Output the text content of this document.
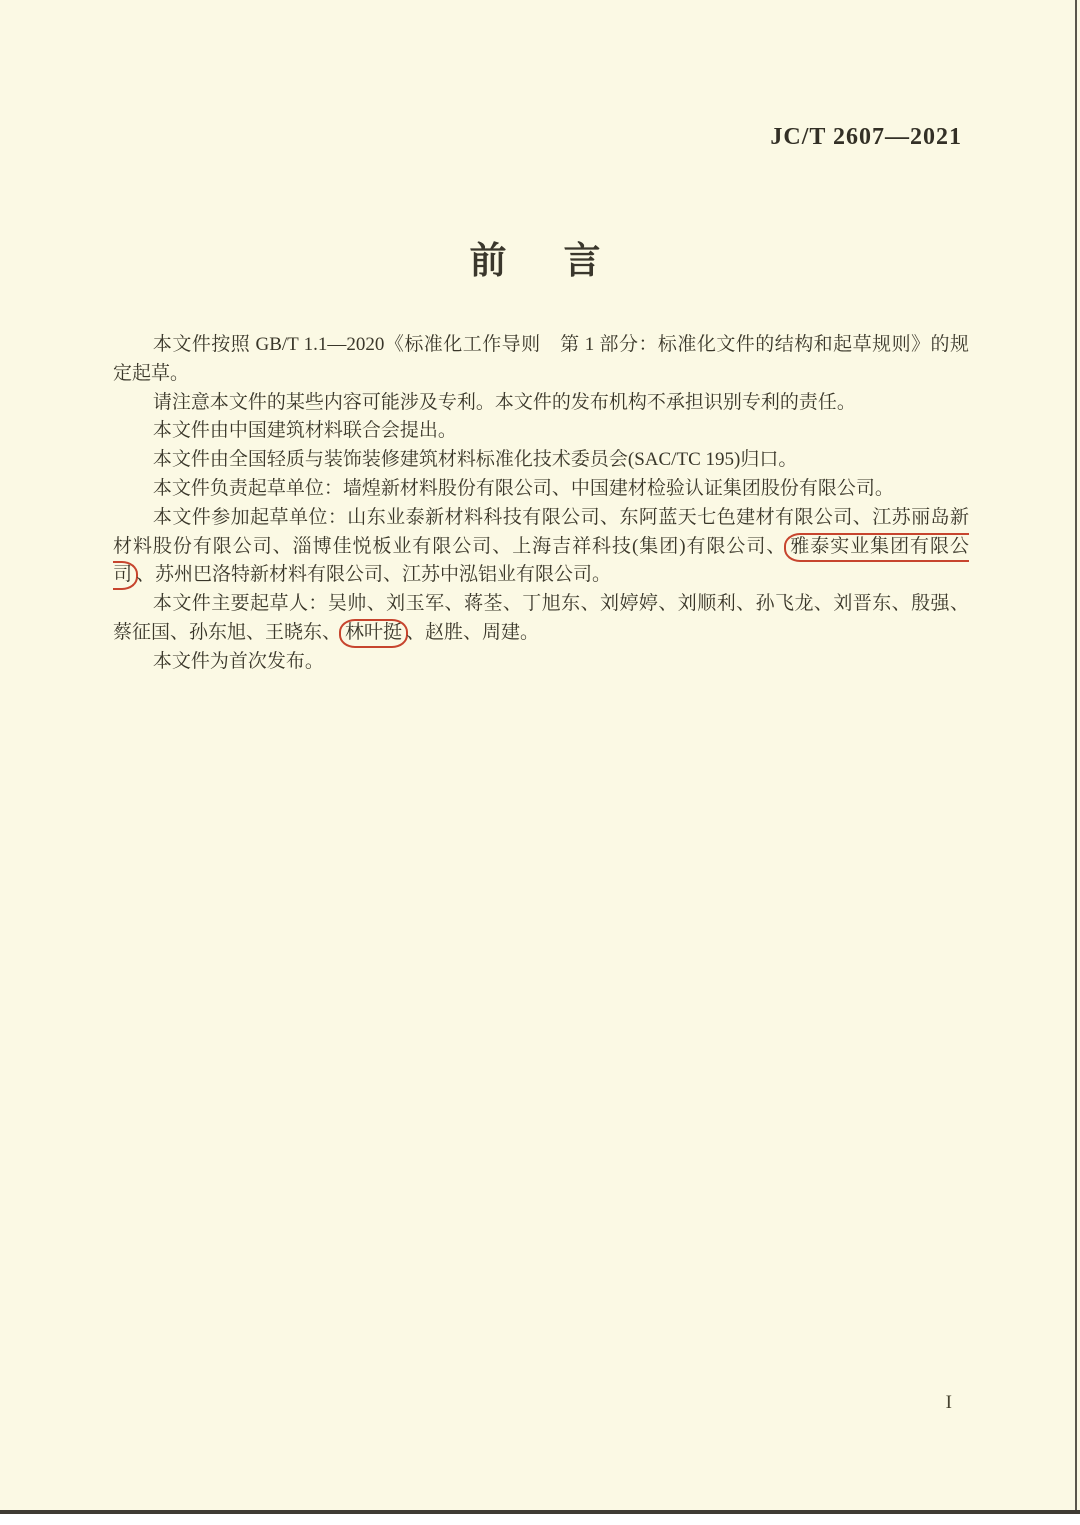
JC/T 2607—2021
前　言

本文件按照 GB/T 1.1—2020《标准化工作导则　第 1 部分：标准化文件的结构和起草规则》的规定起草。

请注意本文件的某些内容可能涉及专利。本文件的发布机构不承担识别专利的责任。

本文件由中国建筑材料联合会提出。

本文件由全国轻质与装饰装修建筑材料标准化技术委员会(SAC/TC 195)归口。

本文件负责起草单位：墙煌新材料股份有限公司、中国建材检验认证集团股份有限公司。

本文件参加起草单位：山东业泰新材料科技有限公司、东阿蓝天七色建材有限公司、江苏丽岛新材料股份有限公司、淄博佳悦板业有限公司、上海吉祥科技(集团)有限公司、 雅泰实业集团有限公司 、苏州巴洛特新材料有限公司、江苏中泓铝业有限公司。

本文件主要起草人：吴帅、刘玉军、蒋荃、丁旭东、刘婷婷、刘顺利、孙飞龙、刘晋东、殷强、蔡征国、孙东旭、王晓东、 林叶挺 、赵胜、周建。

本文件为首次发布。

I
